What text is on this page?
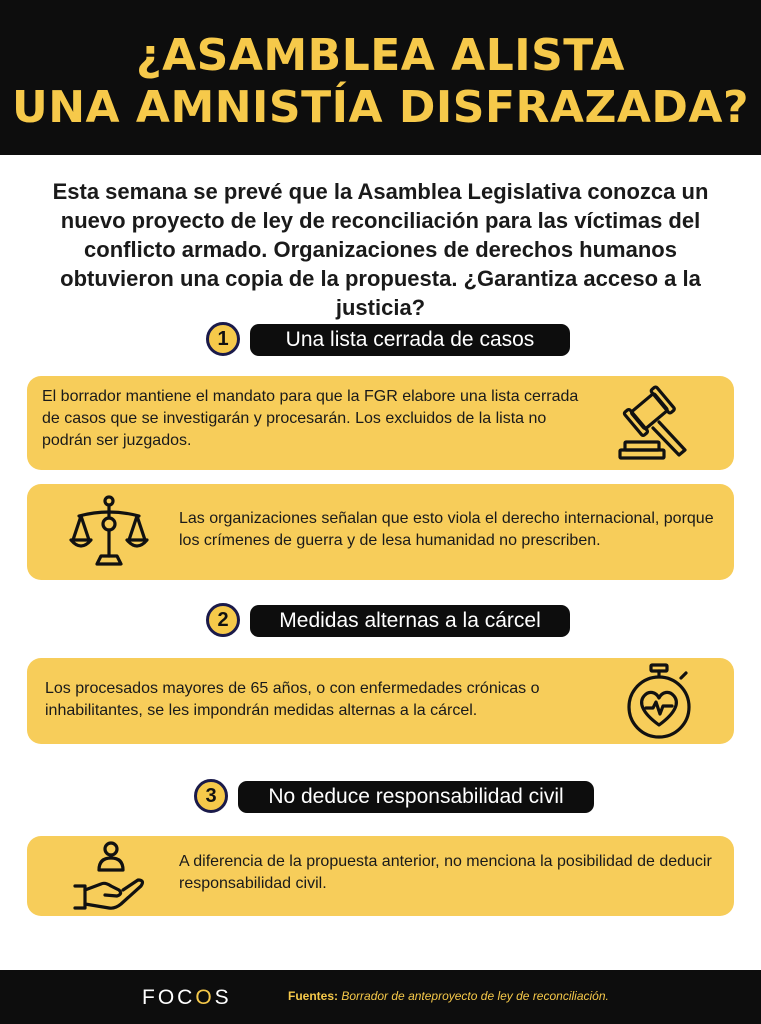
¿ASAMBLEA ALISTA
UNA AMNISTÍA DISFRAZADA?
Esta semana se prevé que la Asamblea Legislativa conozca un nuevo proyecto de ley de reconciliación para las víctimas del conflicto armado. Organizaciones de derechos humanos obtuvieron una copia de la propuesta. ¿Garantiza acceso a la justicia?
1	Una lista cerrada de casos
El borrador mantiene el mandato para que la FGR elabore una lista cerrada de casos que se investigarán y procesarán. Los excluidos de la lista no podrán ser juzgados.
Las organizaciones señalan que esto viola el derecho internacional, porque los crímenes de guerra y de lesa humanidad no prescriben.
2	Medidas alternas a la cárcel
Los procesados mayores de 65 años, o con enfermedades crónicas o inhabilitantes, se les impondrán medidas alternas a la cárcel.
3	No deduce responsabilidad civil
A diferencia de la propuesta anterior, no menciona la posibilidad de deducir responsabilidad civil.
FOCOS	Fuentes: Borrador de anteproyecto de ley de reconciliación.
